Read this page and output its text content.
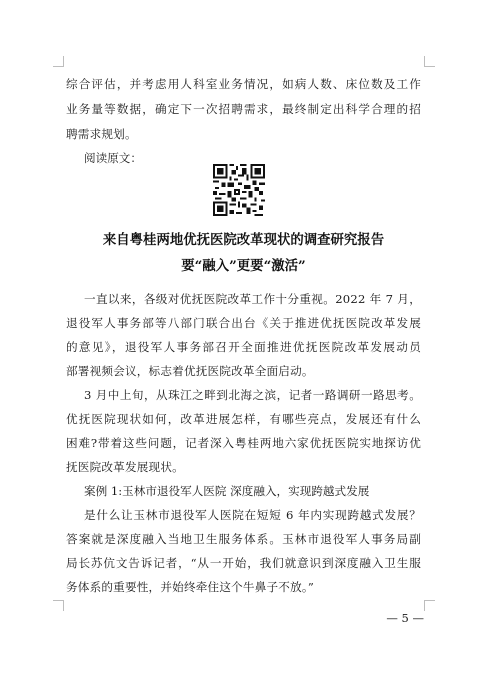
综合评估，并考虑用人科室业务情况，如病人数、床位数及工作
业务量等数据，确定下一次招聘需求，最终制定出科学合理的招
聘需求规划。
阅读原文：
来自粤桂两地优抚医院改革现状的调查研究报告
要“融入”更要“激活”
一直以来，各级对优抚医院改革工作十分重视。2022 年 7 月，
退役军人事务部等八部门联合出台《关于推进优抚医院改革发展
的意见》，退役军人事务部召开全面推进优抚医院改革发展动员
部署视频会议，标志着优抚医院改革全面启动。
3 月中上旬，从珠江之畔到北海之滨，记者一路调研一路思考。
优抚医院现状如何，改革进展怎样，有哪些亮点，发展还有什么
困难?带着这些问题，记者深入粤桂两地六家优抚医院实地探访优
抚医院改革发展现状。
案例 1:玉林市退役军人医院 深度融入，实现跨越式发展
是什么让玉林市退役军人医院在短短 6 年内实现跨越式发展？
答案就是深度融入当地卫生服务体系。玉林市退役军人事务局副
局长苏伉文告诉记者，“从一开始，我们就意识到深度融入卫生服
务体系的重要性，并始终牵住这个牛鼻子不放。”
— 5 —
